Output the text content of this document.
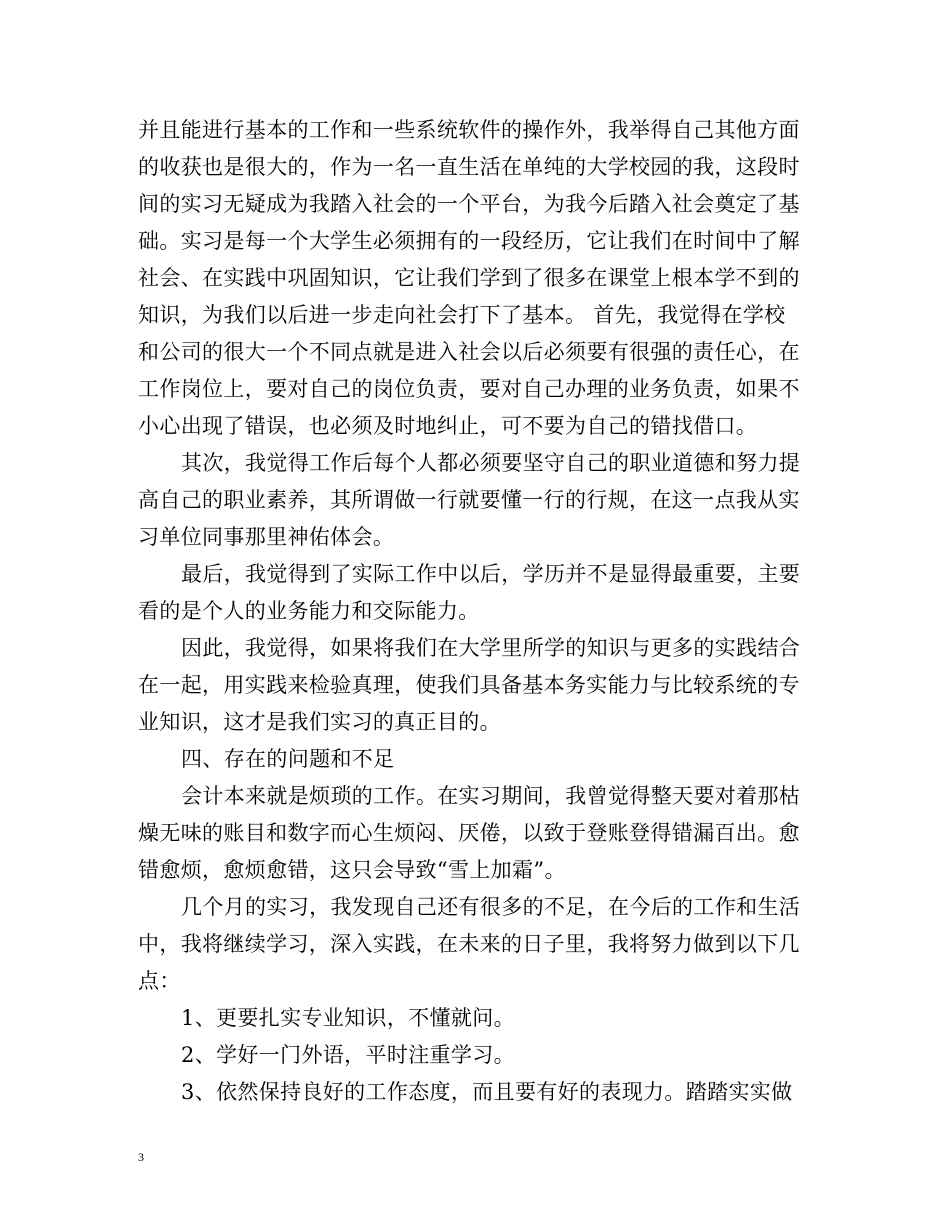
并且能进行基本的工作和一些系统软件的操作外，我举得自己其他方面
的收获也是很大的，作为一名一直生活在单纯的大学校园的我，这段时
间的实习无疑成为我踏入社会的一个平台，为我今后踏入社会奠定了基
础。实习是每一个大学生必须拥有的一段经历，它让我们在时间中了解
社会、在实践中巩固知识，它让我们学到了很多在课堂上根本学不到的
知识，为我们以后进一步走向社会打下了基本。 首先，我觉得在学校
和公司的很大一个不同点就是进入社会以后必须要有很强的责任心，在
工作岗位上，要对自己的岗位负责，要对自己办理的业务负责，如果不
小心出现了错误，也必须及时地纠止，可不要为自己的错找借口。
其次，我觉得工作后每个人都必须要坚守自己的职业道德和努力提
高自己的职业素养，其所谓做一行就要懂一行的行规，在这一点我从实
习单位同事那里神佑体会。
最后，我觉得到了实际工作中以后，学历并不是显得最重要，主要
看的是个人的业务能力和交际能力。
因此，我觉得，如果将我们在大学里所学的知识与更多的实践结合
在一起，用实践来检验真理，使我们具备基本务实能力与比较系统的专
业知识，这才是我们实习的真正目的。
四、存在的问题和不足
会计本来就是烦琐的工作。在实习期间，我曾觉得整天要对着那枯
燥无味的账目和数字而心生烦闷、厌倦，以致于登账登得错漏百出。愈
错愈烦，愈烦愈错，这只会导致“雪上加霜”。
几个月的实习，我发现自己还有很多的不足，在今后的工作和生活
中，我将继续学习，深入实践，在未来的日子里，我将努力做到以下几
点：
1、更要扎实专业知识，不懂就问。
2、学好一门外语，平时注重学习。
3、依然保持良好的工作态度，而且要有好的表现力。踏踏实实做
3
